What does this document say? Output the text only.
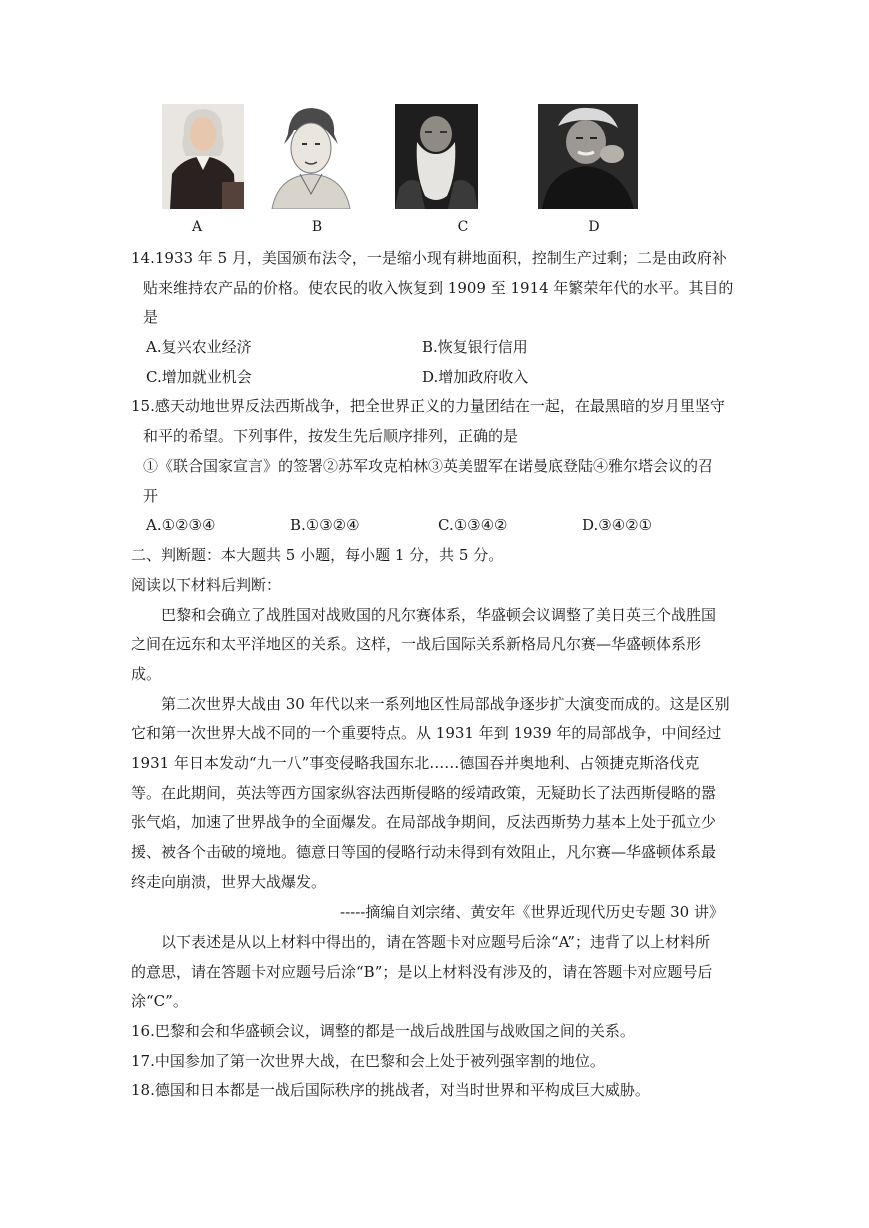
A	B	C	D
14.1933 年 5 月，美国颁布法令，一是缩小现有耕地面积，控制生产过剩；二是由政府补
贴来维持农产品的价格。使农民的收入恢复到 1909 至 1914 年繁荣年代的水平。其目的
是
A.复兴农业经济	B.恢复银行信用
C.增加就业机会	D.增加政府收入
15.感天动地世界反法西斯战争，把全世界正义的力量团结在一起，在最黑暗的岁月里坚守
和平的希望。下列事件，按发生先后顺序排列，正确的是
①《联合国家宣言》的签署②苏军攻克柏林③英美盟军在诺曼底登陆④雅尔塔会议的召
开
A.①②③④	B.①③②④	C.①③④②	D.③④②①
二、判断题：本大题共 5 小题，每小题 1 分，共 5 分。
阅读以下材料后判断：
巴黎和会确立了战胜国对战败国的凡尔赛体系，华盛顿会议调整了美日英三个战胜国
之间在远东和太平洋地区的关系。这样，一战后国际关系新格局凡尔赛—华盛顿体系形
成。
第二次世界大战由 30 年代以来一系列地区性局部战争逐步扩大演变而成的。这是区别
它和第一次世界大战不同的一个重要特点。从 1931 年到 1939 年的局部战争，中间经过
1931 年日本发动“九一八”事变侵略我国东北……德国吞并奥地利、占领捷克斯洛伐克
等。在此期间，英法等西方国家纵容法西斯侵略的绥靖政策，无疑助长了法西斯侵略的嚣
张气焰，加速了世界战争的全面爆发。在局部战争期间，反法西斯势力基本上处于孤立少
援、被各个击破的境地。德意日等国的侵略行动未得到有效阻止，凡尔赛—华盛顿体系最
终走向崩溃，世界大战爆发。
-----摘编自刘宗绪、黄安年《世界近现代历史专题 30 讲》
以下表述是从以上材料中得出的，请在答题卡对应题号后涂“A”；违背了以上材料所
的意思，请在答题卡对应题号后涂“B”；是以上材料没有涉及的，请在答题卡对应题号后
涂“C”。
16.巴黎和会和华盛顿会议，调整的都是一战后战胜国与战败国之间的关系。
17.中国参加了第一次世界大战，在巴黎和会上处于被列强宰割的地位。
18.德国和日本都是一战后国际秩序的挑战者，对当时世界和平构成巨大威胁。
